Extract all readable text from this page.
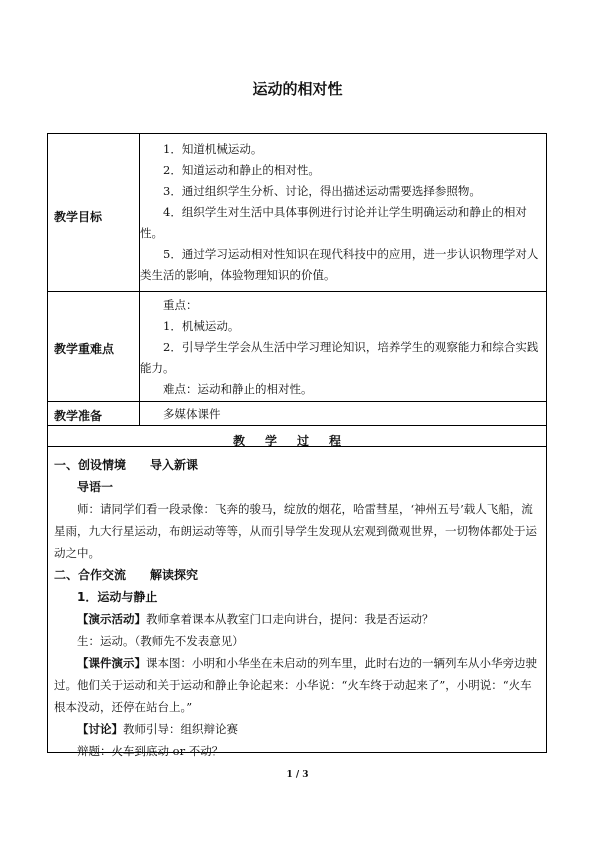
运动的相对性
教学目标

1．知道机械运动。

2．知道运动和静止的相对性。

3．通过组织学生分析、讨论，得出描述运动需要选择参照物。

4．组织学生对生活中具体事例进行讨论并让学生明确运动和静止的相对性。

5．通过学习运动相对性知识在现代科技中的应用，进一步认识物理学对人类生活的影响，体验物理知识的价值。

教学重难点

重点：

1．机械运动。

2．引导学生学会从生活中学习理论知识，培养学生的观察能力和综合实践能力。

难点：运动和静止的相对性。

教学准备	多媒体课件

教学过程

一、创设情境　　导入新课

导语一

师：请同学们看一段录像：飞奔的骏马，绽放的烟花，哈雷彗星，‘神州五号’载人飞船，流星雨，九大行星运动，布朗运动等等，从而引导学生发现从宏观到微观世界，一切物体都处于运动之中。

二、合作交流　　解读探究

1．运动与静止

【演示活动】教师拿着课本从教室门口走向讲台，提问：我是否运动？

生：运动。（教师先不发表意见）

【课件演示】课本图：小明和小华坐在未启动的列车里，此时右边的一辆列车从小华旁边驶过。他们关于运动和关于运动和静止争论起来：小华说：“火车终于动起来了”，小明说：“火车根本没动，还停在站台上。”

【讨论】教师引导：组织辩论赛

辩题：火车到底动 or 不动？

1 / 3
